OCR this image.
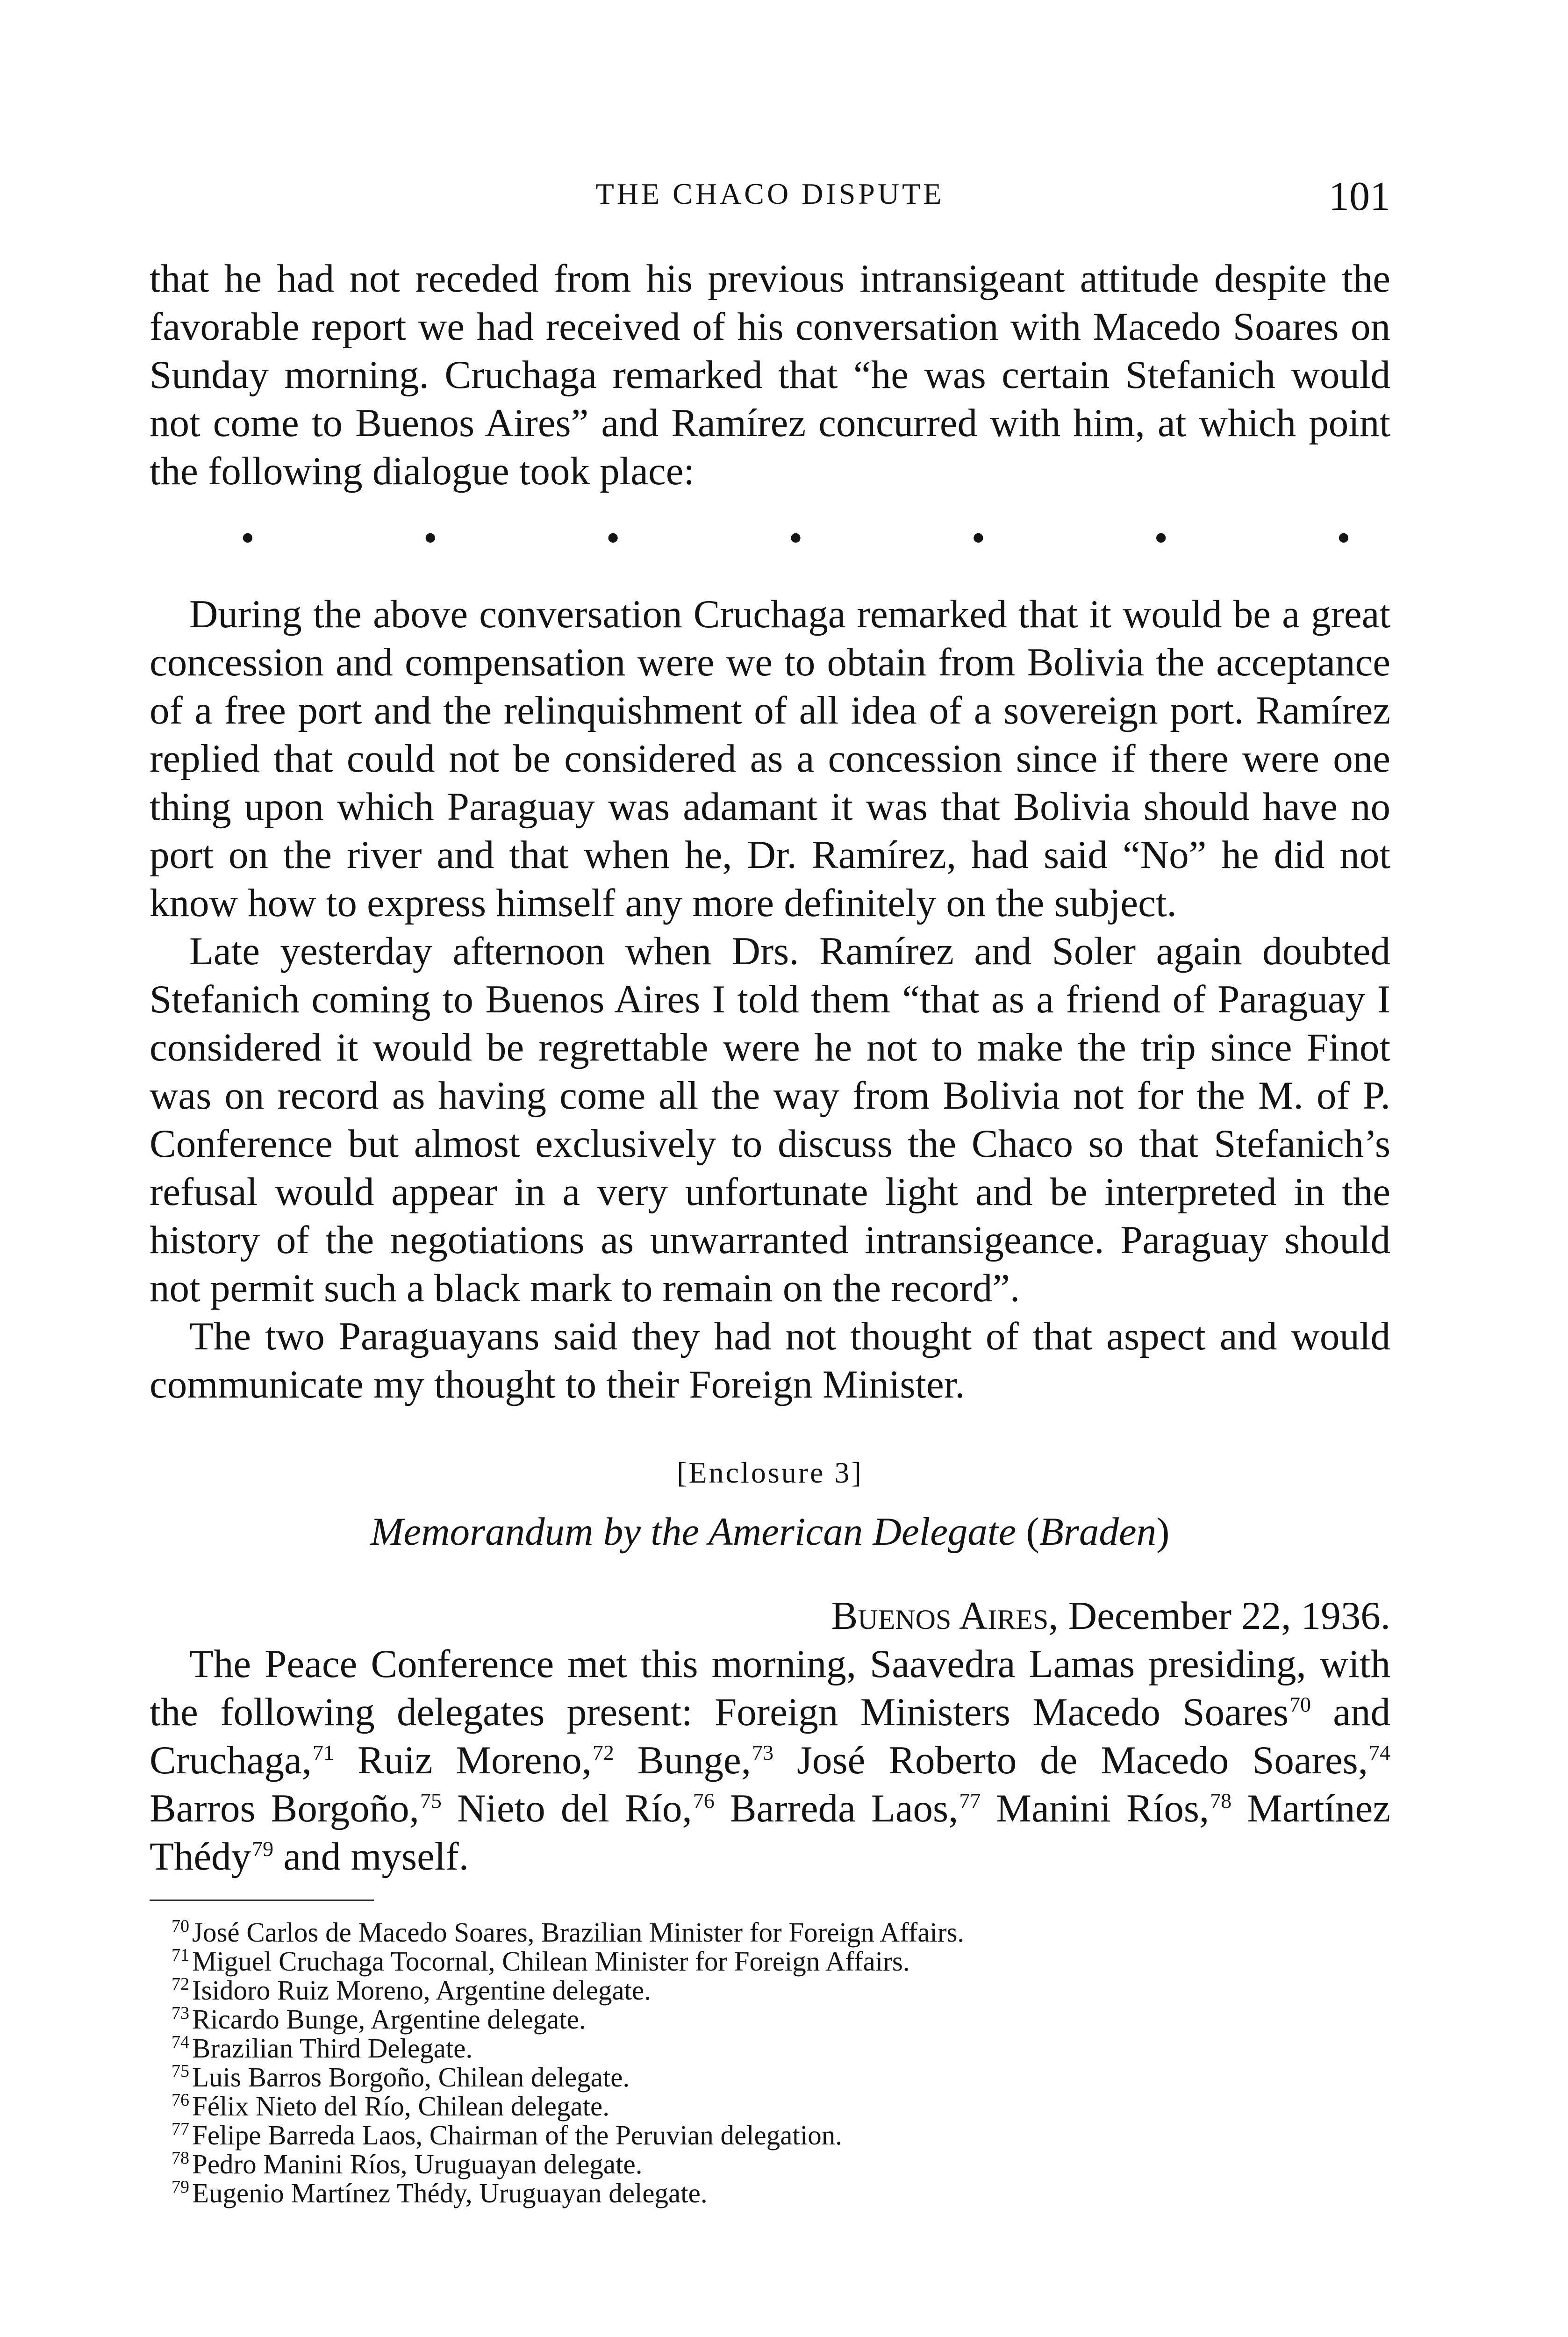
THE CHACO DISPUTE	101

that he had not receded from his previous intransigeant attitude despite the favorable report we had received of his conversation with Macedo Soares on Sunday morning. Cruchaga remarked that “he was certain Stefanich would not come to Buenos Aires” and Ramírez concurred with him, at which point the following dialogue took place:

•	•	•	•	•	•	•

During the above conversation Cruchaga remarked that it would be a great concession and compensation were we to obtain from Bolivia the acceptance of a free port and the relinquishment of all idea of a sovereign port. Ramírez replied that could not be considered as a concession since if there were one thing upon which Paraguay was adamant it was that Bolivia should have no port on the river and that when he, Dr. Ramírez, had said “No” he did not know how to express himself any more definitely on the subject.

Late yesterday afternoon when Drs. Ramírez and Soler again doubted Stefanich coming to Buenos Aires I told them “that as a friend of Paraguay I considered it would be regrettable were he not to make the trip since Finot was on record as having come all the way from Bolivia not for the M. of P. Conference but almost exclusively to discuss the Chaco so that Stefanich’s refusal would appear in a very unfortunate light and be interpreted in the history of the negotiations as unwarranted intransigeance. Paraguay should not permit such a black mark to remain on the record”.

The two Paraguayans said they had not thought of that aspect and would communicate my thought to their Foreign Minister.

[Enclosure 3]
Memorandum by the American Delegate (Braden)
Buenos Aires, December 22, 1936.

The Peace Conference met this morning, Saavedra Lamas presiding, with the following delegates present: Foreign Ministers Macedo Soares$^{70}$ and Cruchaga,$^{71}$ Ruiz Moreno,$^{72}$ Bunge,$^{73}$ José Roberto de Macedo Soares,$^{74}$ Barros Borgoño,$^{75}$ Nieto del Río,$^{76}$ Barreda Laos,$^{77}$ Manini Ríos,$^{78}$ Martínez Thédy$^{79}$ and myself.

$^{70}$ José Carlos de Macedo Soares, Brazilian Minister for Foreign Affairs.
$^{71}$ Miguel Cruchaga Tocornal, Chilean Minister for Foreign Affairs.
$^{72}$ Isidoro Ruiz Moreno, Argentine delegate.
$^{73}$ Ricardo Bunge, Argentine delegate.
$^{74}$ Brazilian Third Delegate.
$^{75}$ Luis Barros Borgoño, Chilean delegate.
$^{76}$ Félix Nieto del Río, Chilean delegate.
$^{77}$ Felipe Barreda Laos, Chairman of the Peruvian delegation.
$^{78}$ Pedro Manini Ríos, Uruguayan delegate.
$^{79}$ Eugenio Martínez Thédy, Uruguayan delegate.
